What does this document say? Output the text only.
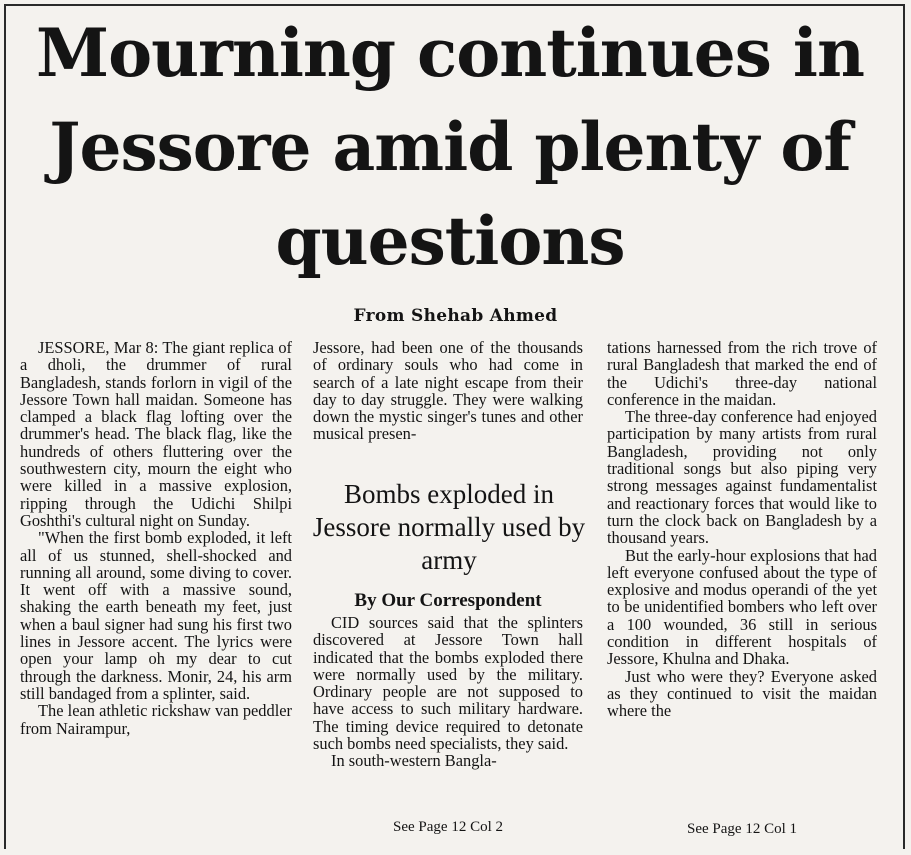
Mourning continues in Jessore amid plenty of questions
From Shehab Ahmed

JESSORE, Mar 8: The giant replica of a dholi, the drummer of rural Bangladesh, stands forlorn in vigil of the Jessore Town hall maidan. Someone has clamped a black flag lofting over the drummer's head. The black flag, like the hundreds of others fluttering over the southwestern city, mourn the eight who were killed in a massive explosion, ripping through the Udichi Shilpi Goshthi's cultural night on Sunday.

"When the first bomb exploded, it left all of us stunned, shell-shocked and running all around, some diving to cover. It went off with a massive sound, shaking the earth beneath my feet, just when a baul signer had sung his first two lines in Jessore accent. The lyrics were open your lamp oh my dear to cut through the darkness. Monir, 24, his arm still bandaged from a splinter, said.

The lean athletic rickshaw van peddler from Nairampur,

Jessore, had been one of the thousands of ordinary souls who had come in search of a late night escape from their day to day struggle. They were walking down the mystic singer's tunes and other musical presen-

Bombs exploded in Jessore normally used by army
By Our Correspondent

CID sources said that the splinters discovered at Jessore Town hall indicated that the bombs exploded there were normally used by the military. Ordinary people are not supposed to have access to such military hardware. The timing device required to detonate such bombs need specialists, they said.

In south-western Bangla-

See Page 12 Col 2

tations harnessed from the rich trove of rural Bangladesh that marked the end of the Udichi's three-day national conference in the maidan.

The three-day conference had enjoyed participation by many artists from rural Bangladesh, providing not only traditional songs but also piping very strong messages against fundamentalist and reactionary forces that would like to turn the clock back on Bangladesh by a thousand years.

But the early-hour explosions that had left everyone confused about the type of explosive and modus operandi of the yet to be unidentified bombers who left over a 100 wounded, 36 still in serious condition in different hospitals of Jessore, Khulna and Dhaka.

Just who were they? Everyone asked as they continued to visit the maidan where the

See Page 12 Col 1
